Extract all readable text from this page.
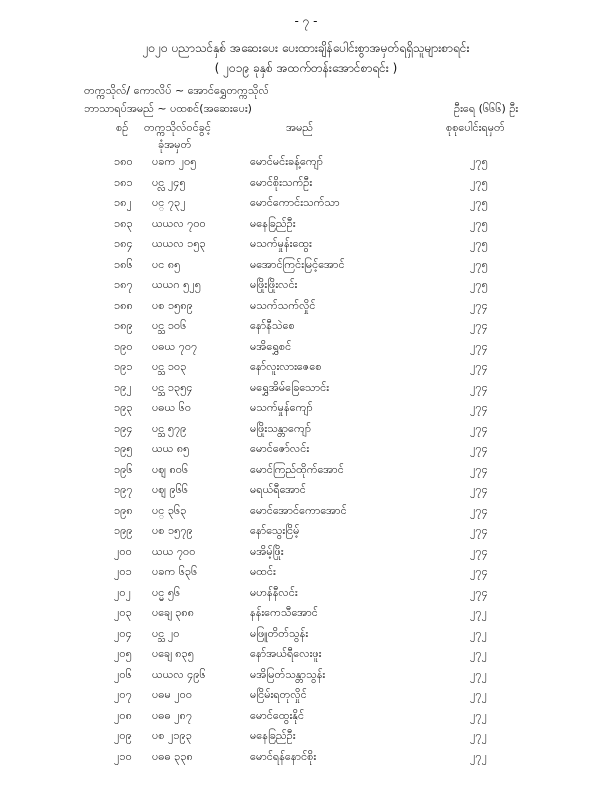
- ၇ -
၂၀၂၀ ပညာသင်နှစ် အဆေးပေး ပေးထားချိန်ပေါင်းစွာအမှတ်ရရှိသူများစာရင်း
( ၂၀၁၉ ခုနှစ် အထက်တန်းအောင်စာရင်း )
တက္ကသိုလ်/ ကောလိပ် ~ အောင်ရွှေတက္ကသိုလ်
ဘာသာရပ်အမည် ~ ပထစင်(အဆေးပေး)	ဦးရေ (၆၆၆) ဦး
စဉ် တက္ကသိုလ်ဝင်ခွင့်
ခုံအမှတ်
အမည်	စုစုပေါင်းရမှတ်
၁၈၀ ပခက ၂၀၅	မောင်မင်းခန့်ကျော်	၂၇၅
၁၈၁ ပင္လ ၂၄၅	မောင်စိုးသက်ဦး	၂၇၅
၁၈၂ ပင္ ၇၃၂	မောင်ကောင်းသက်သာ	၂၇၅
၁၈၃ ယယလ ၇၀၀	မနေခြည်ဦး	၂၇၅
၁၈၄ ယယလ ၁၅၃	မသက်မှုန်းထွေး	၂၇၅
၁၈၆ ပင ၈၅	မအောင်ကြင်းမြင့်အောင်	၂၇၅
၁၈၇ ယယဂ ၅၂၅	မဖြိုးဖြိုးလင်း	၂၇၅
၁၈၈ ပစ ၁၅၈၉	မသက်သက်လှိုင်	၂၇၄
၁၈၉ ပင္သ ၁၀၆	နော်နီသဲစေ	၂၇၄
၁၉၀ ပဓယ ၇၀၇	မအိရွှေစင်	၂၇၄
၁၉၁ ပင္သ ၁၀၃	နော်လူးလားဇေစေ	၂၇၄
၁၉၂ ပင္သ ၁၃၅၄	မရွှေအိမ်ခြေသောင်း	၂၇၄
၁၉၃ ပဓယ ၆၀	မသက်မှုန်ကျော်	၂၇၄
၁၉၄ ပင္သ ၅၇၉	မဖြိုးသန္တာကျော်	၂၇၄
၁၉၅ ယယ ၈၅	မောင်ဇော်လင်း	၂၇၄
၁၉၆ ပဈ ၈၀၆	မောင်ကြည်ထိုက်အောင်	၂၇၄
၁၉၇ ပဈ ၉၆၆	မရယ်ရီအောင်	၂၇၄
၁၉၈ ပင္ ၃၆၃	မောင်အောင်ကောအောင်	၂၇၄
၁၉၉ ပစ ၁၅၇၉	နော်သွေးငြိမ့်	၂၇၄
၂၀၀ ယယ ၇၀၀	မအိမ့်ဖြိုး	၂၇၄
၂၀၁ ပခက ၆၃၆	မထင်း	၂၇၄
၂၀၂ ပင္မ ၅၆	မဟန်နီလင်း	၂၇၄
၂၀၃ ပချေ ၃၈၈	နန်းကေသီအောင်	၂၇၂
၂၀၄ ပင္သ ၂၀	မဖြူတိတ်သွန်း	၂၇၂
၂၀၅ ပချေ ၈၃၅	နော်အယ်ရီလေးဖူး	၂၇၂
၂၀၆ ယယလ ၄၉၆	မအိမြတ်သန္တာသွန်း	၂၇၂
၂၀၇ ပဓမ ၂၀၀	မငြိမ်းရတုလှိုင်	၂၇၂
၂၀၈ ပဓဓ ၂၈၇	မောင်ထွေးနိုင်	၂၇၂
၂၀၉ ပစ ၂၁၉၃	မနေခြည်ဦး	၂၇၂
၂၁၀ ပဓဓ ၃၃၈	မောင်ရန်နောင်စိုး	၂၇၂
